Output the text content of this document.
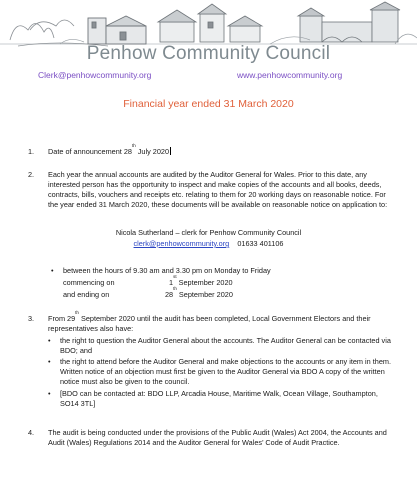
Penhow Community Council
Clerk@penhowcommunity.org	www.penhowcommunity.org
Financial year ended 31 March 2020
1.	Date of announcement 28th July 2020
2.	Each year the annual accounts are audited by the Auditor General for Wales. Prior to this date, any interested person has the opportunity to inspect and make copies of the accounts and all books, deeds, contracts, bills, vouchers and receipts etc. relating to them for 20 working days on reasonable notice. For the year ended 31 March 2020, these documents will be available on reasonable notice on application to:
Nicola Sutherland – clerk for Penhow Community Council
clerk@penhowcommunity.org 01633 401106
• between the hours of 9.30 am and 3.30 pm on Monday to Friday
commencing on	1st September 2020
and ending on	28th September 2020
3.	From 29th September 2020 until the audit has been completed, Local Government Electors and their representatives also have:
• the right to question the Auditor General about the accounts. The Auditor General can be contacted via BDO; and
• the right to attend before the Auditor General and make objections to the accounts or any item in them. Written notice of an objection must first be given to the Auditor General via BDO A copy of the written notice must also be given to the council.
• [BDO can be contacted at: BDO LLP, Arcadia House, Maritime Walk, Ocean Village, Southampton, SO14 3TL]
4.	The audit is being conducted under the provisions of the Public Audit (Wales) Act 2004, the Accounts and Audit (Wales) Regulations 2014 and the Auditor General for Wales’ Code of Audit Practice.
